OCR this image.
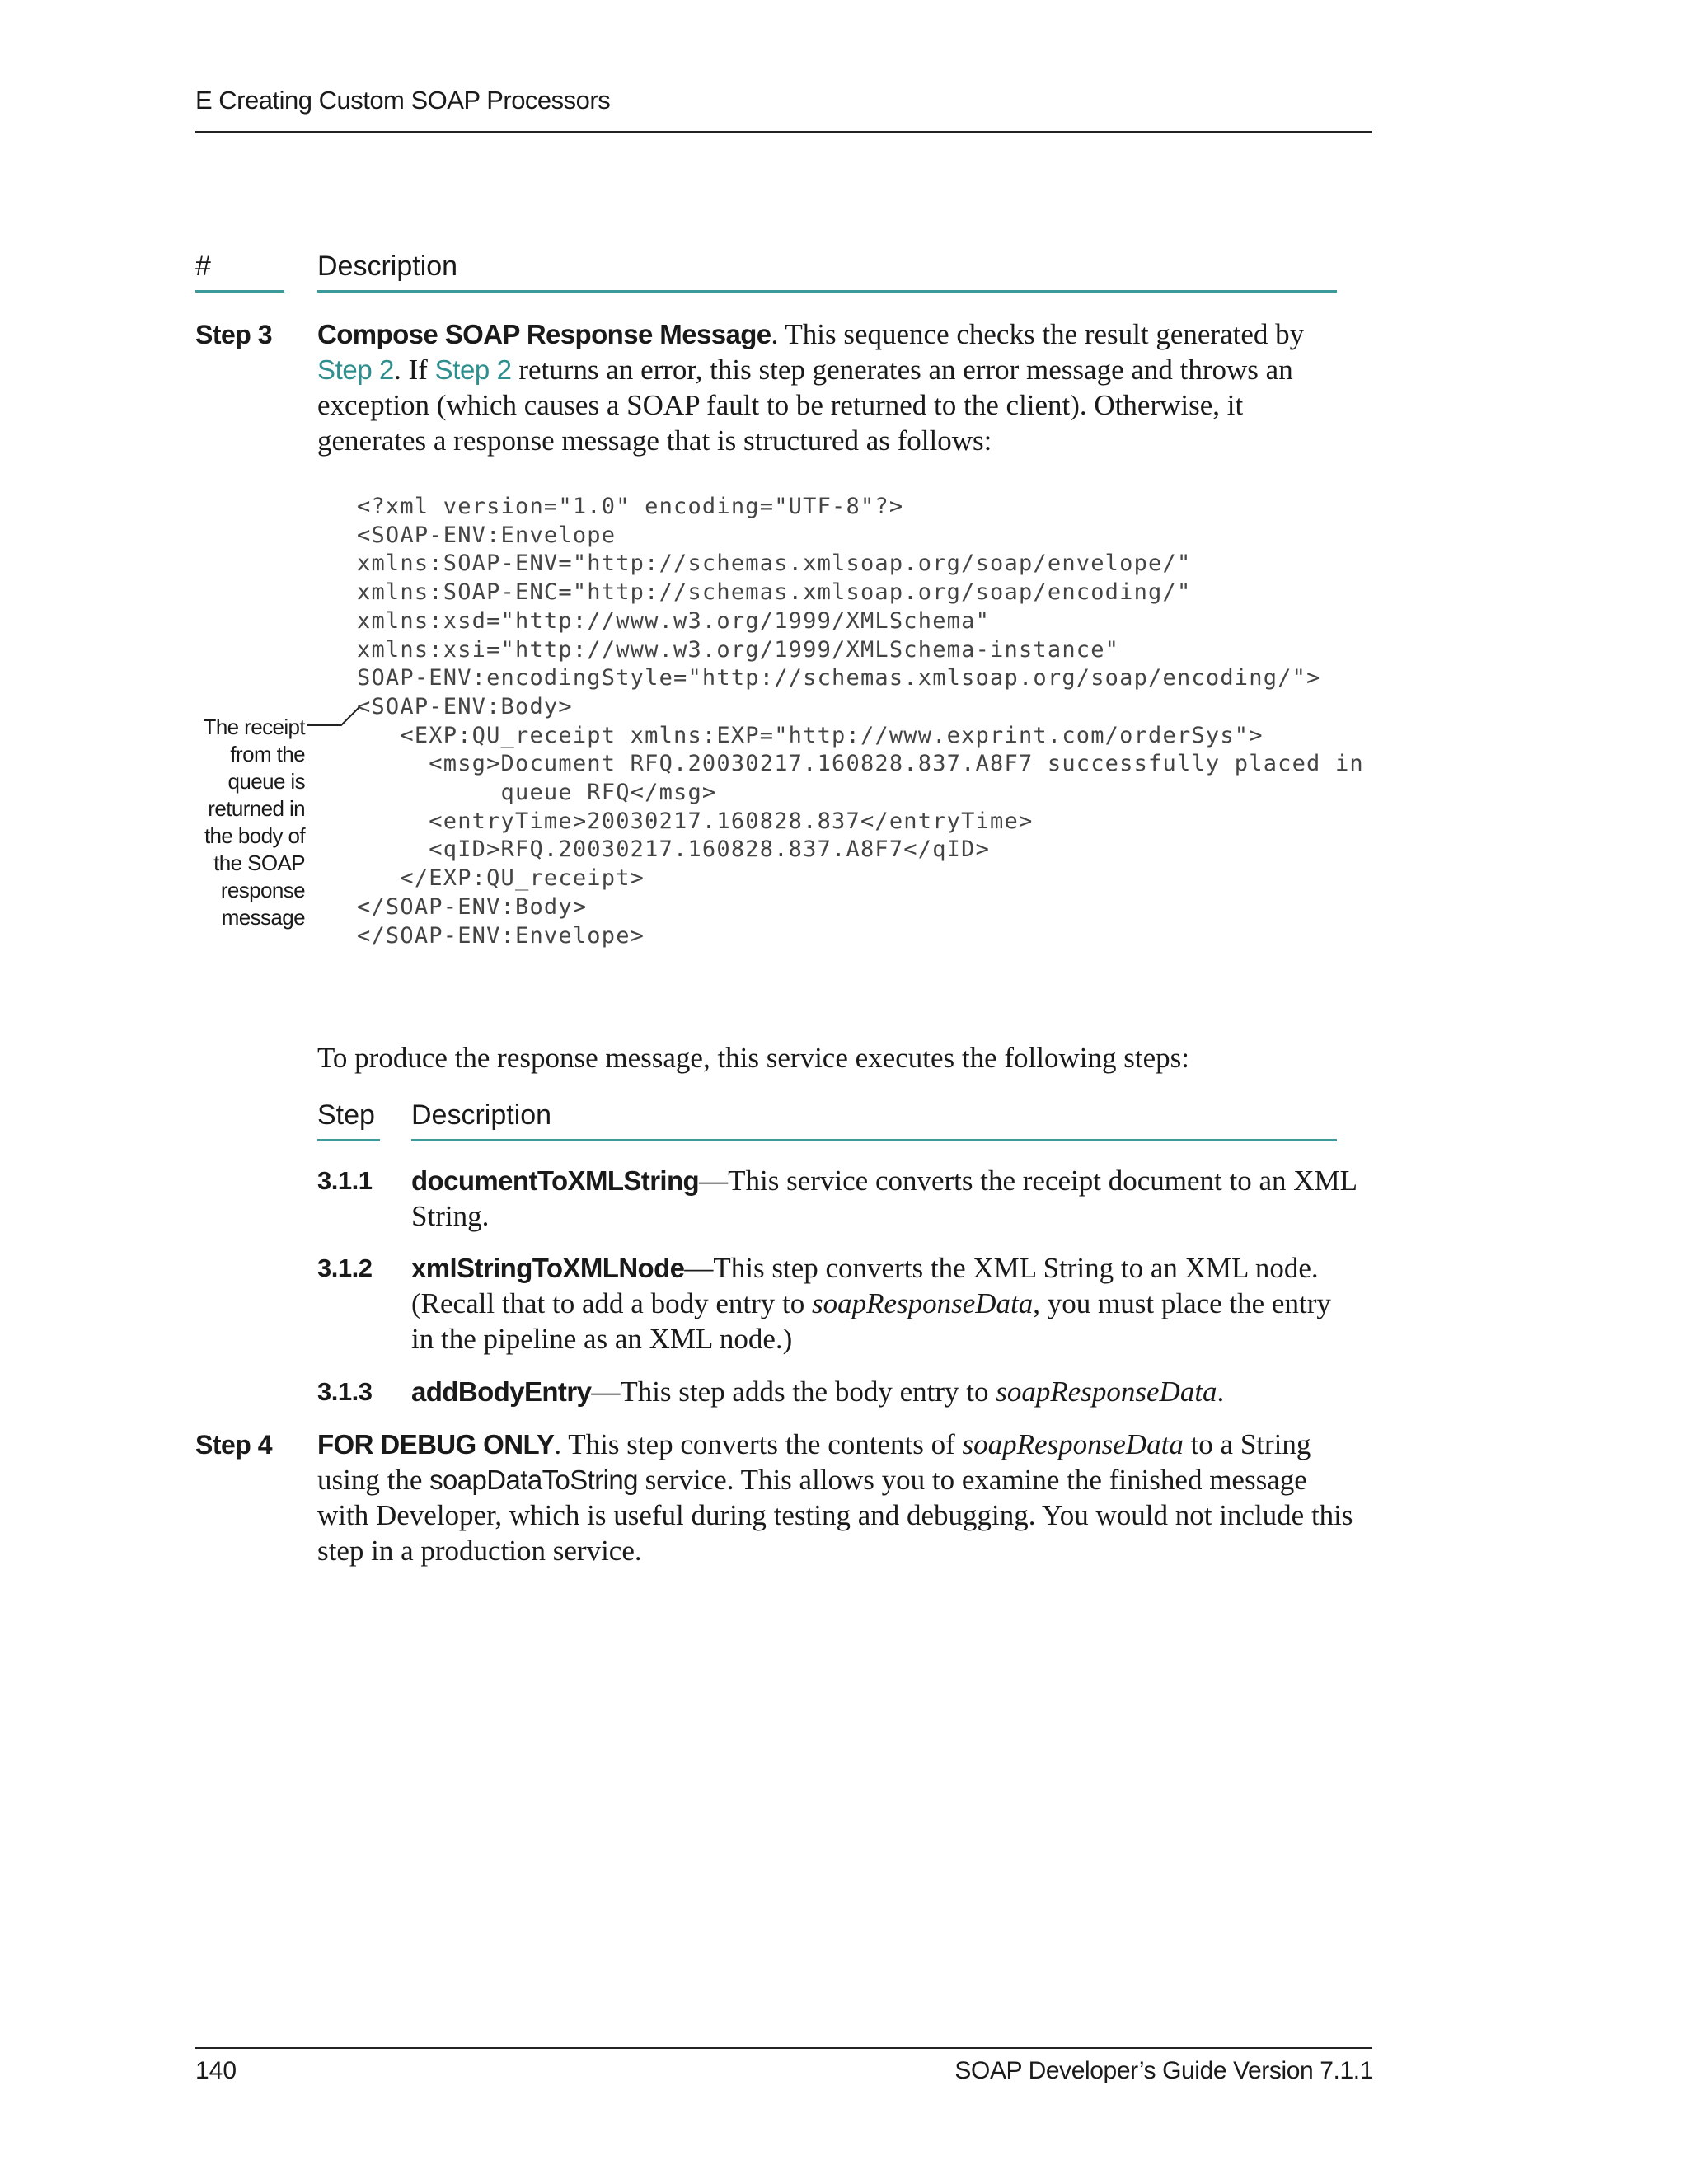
E Creating Custom SOAP Processors
#	Description
Step 3 Compose SOAP Response Message. This sequence checks the result generated by Step 2. If Step 2 returns an error, this step generates an error message and throws an exception (which causes a SOAP fault to be returned to the client). Otherwise, it generates a response message that is structured as follows:
<?xml version="1.0" encoding="UTF-8"?>
<SOAP-ENV:Envelope
xmlns:SOAP-ENV="http://schemas.xmlsoap.org/soap/envelope/"
xmlns:SOAP-ENC="http://schemas.xmlsoap.org/soap/encoding/"
xmlns:xsd="http://www.w3.org/1999/XMLSchema"
xmlns:xsi="http://www.w3.org/1999/XMLSchema-instance"
SOAP-ENV:encodingStyle="http://schemas.xmlsoap.org/soap/encoding/">
<SOAP-ENV:Body>
<EXP:QU_receipt xmlns:EXP="http://www.exprint.com/orderSys">
<msg>Document RFQ.20030217.160828.837.A8F7 successfully placed in
queue RFQ</msg>
<entryTime>20030217.160828.837</entryTime>
<qID>RFQ.20030217.160828.837.A8F7</qID>
</EXP:QU_receipt>
</SOAP-ENV:Body>
</SOAP-ENV:Envelope>
The receipt
from the
queue is
returned in
the body of
the SOAP
response
message
To produce the response message, this service executes the following steps:
Step Description
3.1.1 documentToXMLString—This service converts the receipt document to an XML String.
3.1.2 xmlStringToXMLNode—This step converts the XML String to an XML node. (Recall that to add a body entry to soapResponseData, you must place the entry in the pipeline as an XML node.)
3.1.3 addBodyEntry—This step adds the body entry to soapResponseData.
Step 4 FOR DEBUG ONLY. This step converts the contents of soapResponseData to a String using the soapDataToString service. This allows you to examine the finished message with Developer, which is useful during testing and debugging. You would not include this step in a production service.
140	SOAP Developer’s Guide Version 7.1.1
